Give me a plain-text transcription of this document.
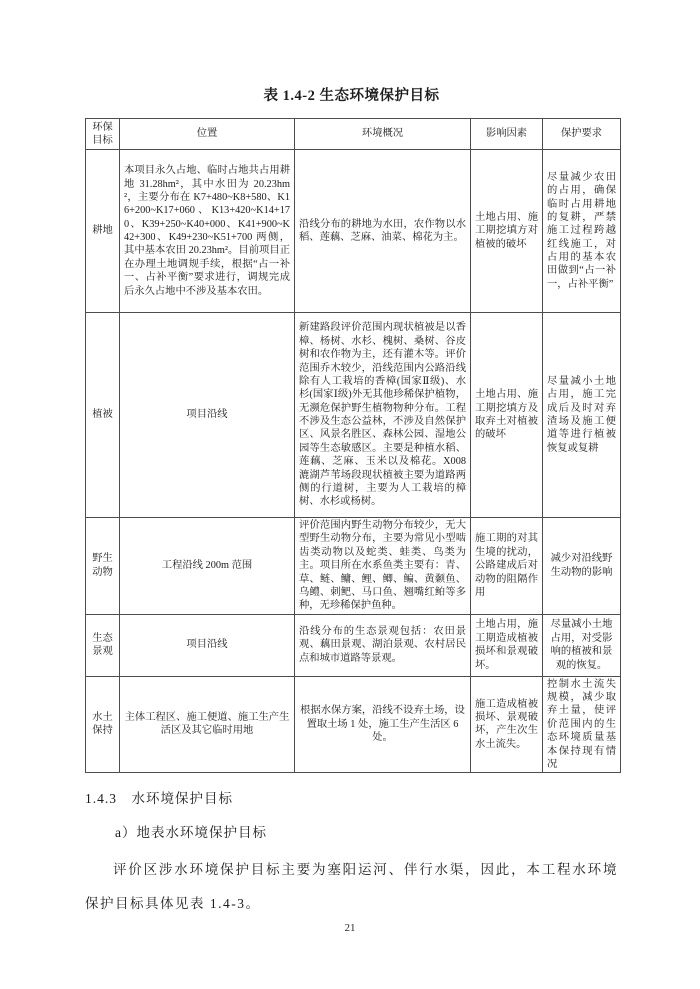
表 1.4-2 生态环境保护目标
环保目标	位置	环境概况	影响因素	保护要求
耕地	本项目永久占地、临时占地共占用耕地 31.28hm²，其中水田为 20.23hm²，主要分布在 K7+480~K8+580、K16+200~K17+060、K13+420~K14+170、K39+250~K40+000、K41+900~K42+300、K49+230~K51+700 两侧，其中基本农田 20.23hm²。目前项目正在办理土地调规手续，根据“占一补一、占补平衡”要求进行，调规完成后永久占地中不涉及基本农田。	沿线分布的耕地为水田，农作物以水稻、莲藕、芝麻、油菜、棉花为主。	土地占用、施工期挖填方对植被的破坏	尽量减少农田的占用，确保临时占用耕地的复耕，严禁施工过程跨越红线施工，对占用的基本农田做到“占一补一，占补平衡”
植被	项目沿线	新建路段评价范围内现状植被是以香樟、杨树、水杉、槐树、桑树、谷皮树和农作物为主，还有灌木等。评价范围乔木较少，沿线范围内公路沿线除有人工栽培的香樟(国家Ⅱ级)、水杉(国家Ⅰ级)外无其他珍稀保护植物，无濒危保护野生植物物种分布。工程不涉及生态公益林，不涉及自然保护区、风景名胜区、森林公园、湿地公园等生态敏感区。主要是种植水稻、莲藕、芝麻、玉米以及棉花。X008 漉湖芦苇场段现状植被主要为道路两侧的行道树，主要为人工栽培的樟树、水杉或杨树。	土地占用、施工期挖填方及取弃土对植被的破坏	尽量减小土地占用，施工完成后及时对弃渣场及施工便道等进行植被恢复或复耕
野生动物	工程沿线 200m 范围	评价范围内野生动物分布较少，无大型野生动物分布，主要为常见小型啮齿类动物以及蛇类、蛙类、鸟类为主。项目所在水系鱼类主要有：青、草、鲢、鳙、鲤、鲫、鳊、黄颡鱼、乌鳢、刺鲃、马口鱼、翘嘴红鲌等多种，无珍稀保护鱼种。	施工期的对其生境的扰动，公路建成后对动物的阻隔作用	减少对沿线野生动物的影响
生态景观	项目沿线	沿线分布的生态景观包括：农田景观、藕田景观、湖泊景观、农村居民点和城市道路等景观。	土地占用，施工期造成植被损坏和景观破坏。	尽量减小土地占用，对受影响的植被和景观的恢复。
水土保持	主体工程区、施工便道、施工生产生活区及其它临时用地	根据水保方案，沿线不设弃土场，设置取土场 1 处，施工生产生活区 6 处。	施工造成植被损坏、景观破坏，产生次生水土流失。	控制水土流失规模，减少取弃土量，使评价范围内的生态环境质量基本保持现有情况
1.4.3　水环境保护目标
a）地表水环境保护目标
评价区涉水环境保护目标主要为塞阳运河、伴行水渠，因此，本工程水环境保护目标具体见表 1.4-3。
21
